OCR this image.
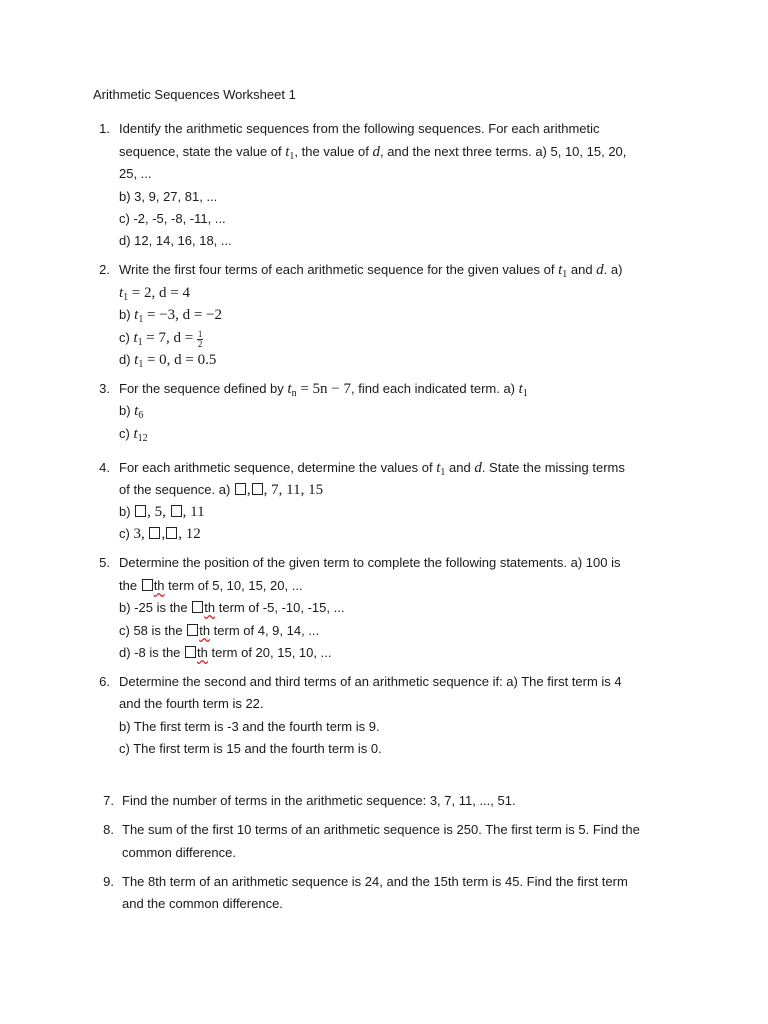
Arithmetic Sequences Worksheet 1
1. Identify the arithmetic sequences from the following sequences. For each arithmetic
sequence, state the value of $t_1$, the value of d, and the next three terms. a) 5, 10, 15, 20,
25, ...
b) 3, 9, 27, 81, ...
c) -2, -5, -8, -11, ...
d) 12, 14, 16, 18, ...
2. Write the first four terms of each arithmetic sequence for the given values of $t_1$ and d. a)
$t_1 = 2$, d = 4
b) $t_1 = -3$, d = −2
c) $t_1 = 7$, $d = \frac{1}{2}$
d) $t_1 = 0$, d = 0.5
3. For the sequence defined by $t_n = 5n - 7$, find each indicated term. a) $t_1$
b) $t_6$
c) $t_{12}$
4. For each arithmetic sequence, determine the values of $t_1$ and d. State the missing terms
of the sequence. a) , , 7, 11, 15
b) , 5, , 11
c) 3, , , 12
5. Determine the position of the given term to complete the following statements. a) 100 is
the th term of 5, 10, 15, 20, ...
b) -25 is the th term of -5, -10, -15, ...
c) 58 is the th term of 4, 9, 14, ...
d) -8 is the th term of 20, 15, 10, ...
6. Determine the second and third terms of an arithmetic sequence if: a) The first term is 4
and the fourth term is 22.
b) The first term is -3 and the fourth term is 9.
c) The first term is 15 and the fourth term is 0.
7. Find the number of terms in the arithmetic sequence: 3, 7, 11, ..., 51.
8. The sum of the first 10 terms of an arithmetic sequence is 250. The first term is 5. Find the
common difference.
9. The 8th term of an arithmetic sequence is 24, and the 15th term is 45. Find the first term
and the common difference.
